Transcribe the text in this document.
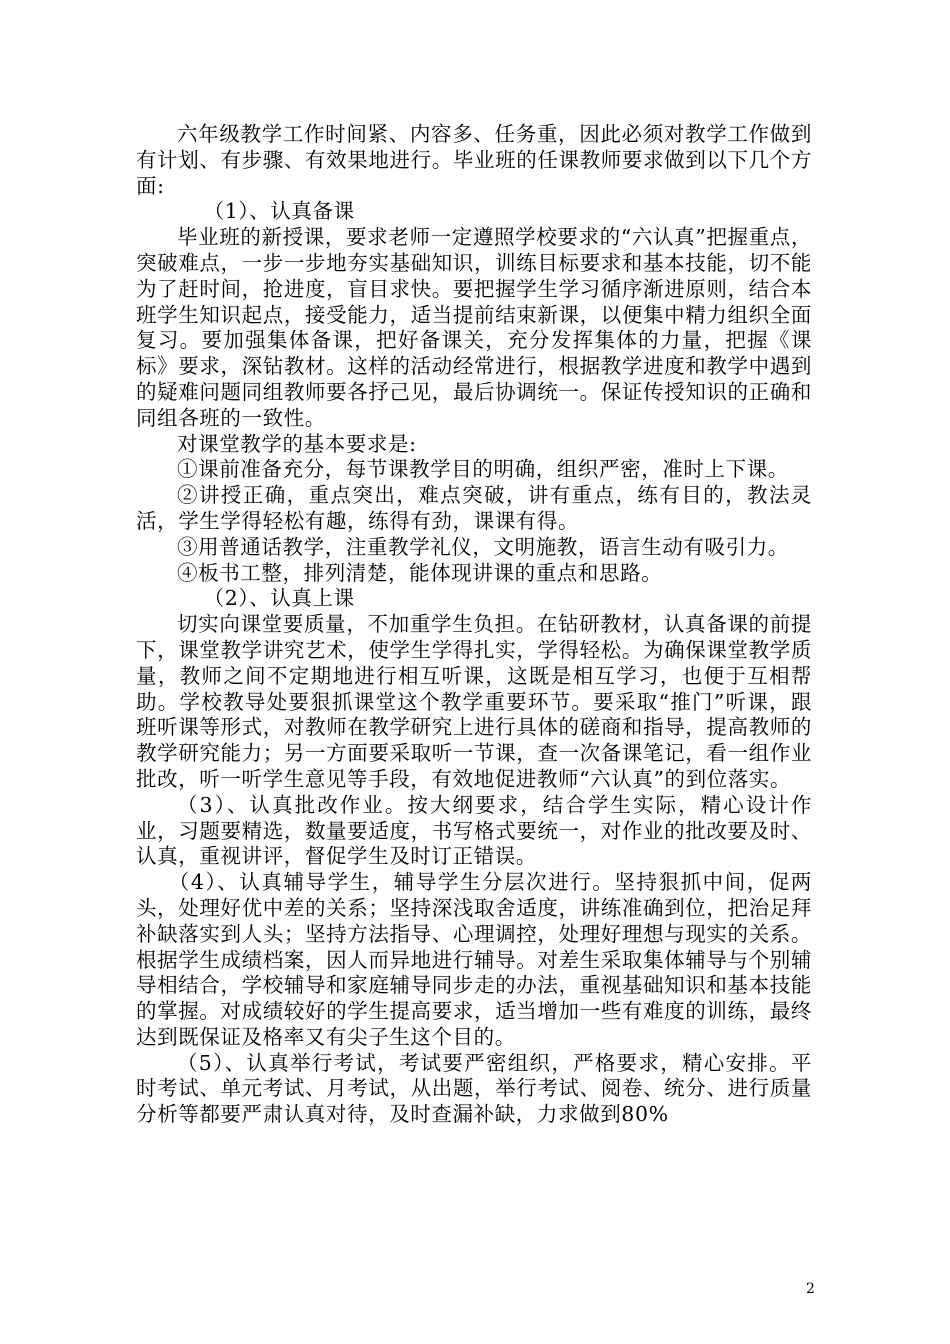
六年级教学工作时间紧、内容多、任务重，因此必须对教学工作做到有计划、有步骤、有效果地进行。毕业班的任课教师要求做到以下几个方面:

（1）、认真备课

毕业班的新授课，要求老师一定遵照学校要求的“六认真”把握重点，突破难点，一步一步地夯实基础知识，训练目标要求和基本技能，切不能为了赶时间，抢进度，盲目求快。要把握学生学习循序渐进原则，结合本班学生知识起点，接受能力，适当提前结束新课，以便集中精力组织全面复习。要加强集体备课，把好备课关，充分发挥集体的力量，把握《课标》要求，深钻教材。这样的活动经常进行，根据教学进度和教学中遇到的疑难问题同组教师要各抒己见，最后协调统一。保证传授知识的正确和同组各班的一致性。

对课堂教学的基本要求是:

①课前准备充分，每节课教学目的明确，组织严密，准时上下课。

②讲授正确，重点突出，难点突破，讲有重点，练有目的，教法灵活，学生学得轻松有趣，练得有劲，课课有得。

③用普通话教学，注重教学礼仪，文明施教，语言生动有吸引力。

④板书工整，排列清楚，能体现讲课的重点和思路。

（2）、认真上课

切实向课堂要质量，不加重学生负担。在钻研教材，认真备课的前提下，课堂教学讲究艺术，使学生学得扎实，学得轻松。为确保课堂教学质量，教师之间不定期地进行相互听课，这既是相互学习，也便于互相帮助。学校教导处要狠抓课堂这个教学重要环节。要采取“推门”听课，跟班听课等形式，对教师在教学研究上进行具体的磋商和指导，提高教师的教学研究能力；另一方面要采取听一节课，查一次备课笔记，看一组作业批改，听一听学生意见等手段，有效地促进教师“六认真”的到位落实。

（3）、认真批改作业。按大纲要求，结合学生实际，精心设计作业，习题要精选，数量要适度，书写格式要统一，对作业的批改要及时、认真，重视讲评，督促学生及时订正错误。

（4）、认真辅导学生，辅导学生分层次进行。坚持狠抓中间，促两头，处理好优中差的关系；坚持深浅取舍适度，讲练准确到位，把治足拜补缺落实到人头；坚持方法指导、心理调控，处理好理想与现实的关系。根据学生成绩档案，因人而异地进行辅导。对差生采取集体辅导与个别辅导相结合，学校辅导和家庭辅导同步走的办法，重视基础知识和基本技能的掌握。对成绩较好的学生提高要求，适当增加一些有难度的训练，最终达到既保证及格率又有尖子生这个目的。

（5）、认真举行考试，考试要严密组织，严格要求，精心安排。平时考试、单元考试、月考试，从出题，举行考试、阅卷、统分、进行质量分析等都要严肃认真对待，及时查漏补缺，力求做到80%

2
